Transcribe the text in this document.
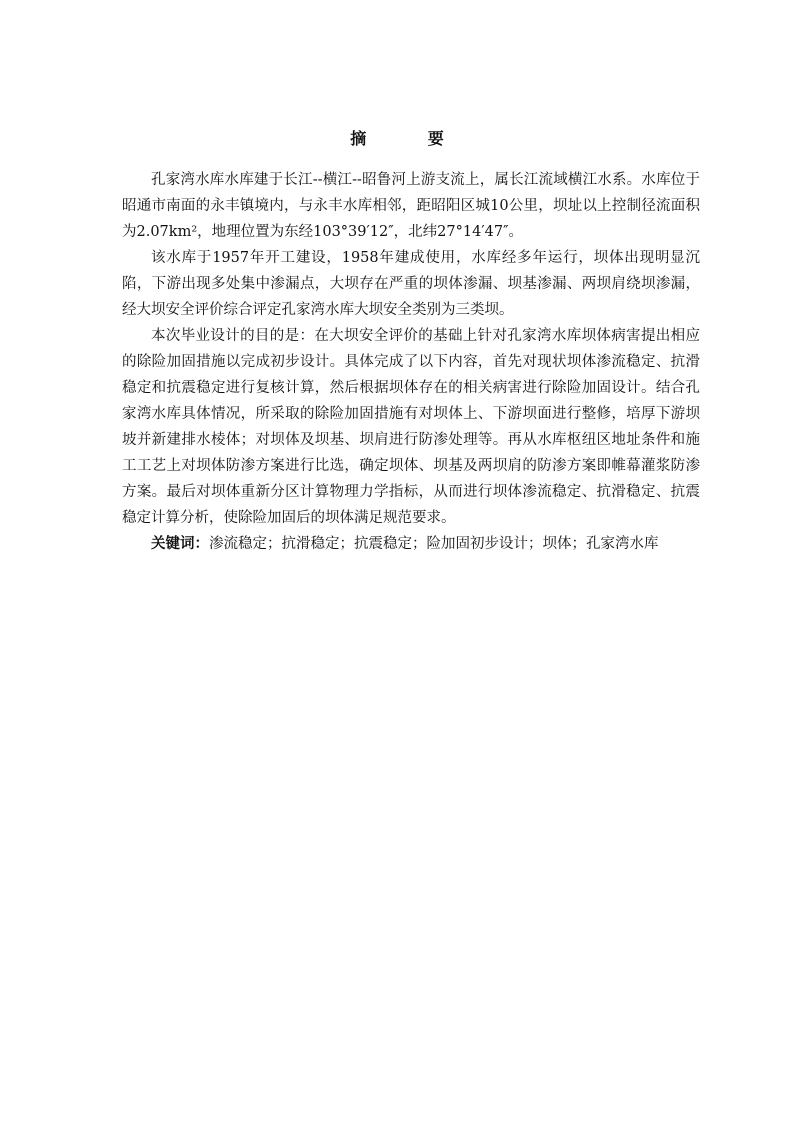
摘 要

孔家湾水库水库建于长江--横江--昭鲁河上游支流上，属长江流域横江水系。水库位于昭通市南面的永丰镇境内，与永丰水库相邻，距昭阳区城10公里，坝址以上控制径流面积为2.07km²，地理位置为东经103°39′12″，北纬27°14′47″。

该水库于1957年开工建设，1958年建成使用，水库经多年运行，坝体出现明显沉陷，下游出现多处集中渗漏点，大坝存在严重的坝体渗漏、坝基渗漏、两坝肩绕坝渗漏，经大坝安全评价综合评定孔家湾水库大坝安全类别为三类坝。

本次毕业设计的目的是：在大坝安全评价的基础上针对孔家湾水库坝体病害提出相应的除险加固措施以完成初步设计。具体完成了以下内容，首先对现状坝体渗流稳定、抗滑稳定和抗震稳定进行复核计算，然后根据坝体存在的相关病害进行除险加固设计。结合孔家湾水库具体情况，所采取的除险加固措施有对坝体上、下游坝面进行整修，培厚下游坝坡并新建排水棱体；对坝体及坝基、坝肩进行防渗处理等。再从水库枢纽区地址条件和施工工艺上对坝体防渗方案进行比选，确定坝体、坝基及两坝肩的防渗方案即帷幕灌浆防渗方案。最后对坝体重新分区计算物理力学指标，从而进行坝体渗流稳定、抗滑稳定、抗震稳定计算分析，使除险加固后的坝体满足规范要求。

关键词：渗流稳定；抗滑稳定；抗震稳定；险加固初步设计；坝体；孔家湾水库
